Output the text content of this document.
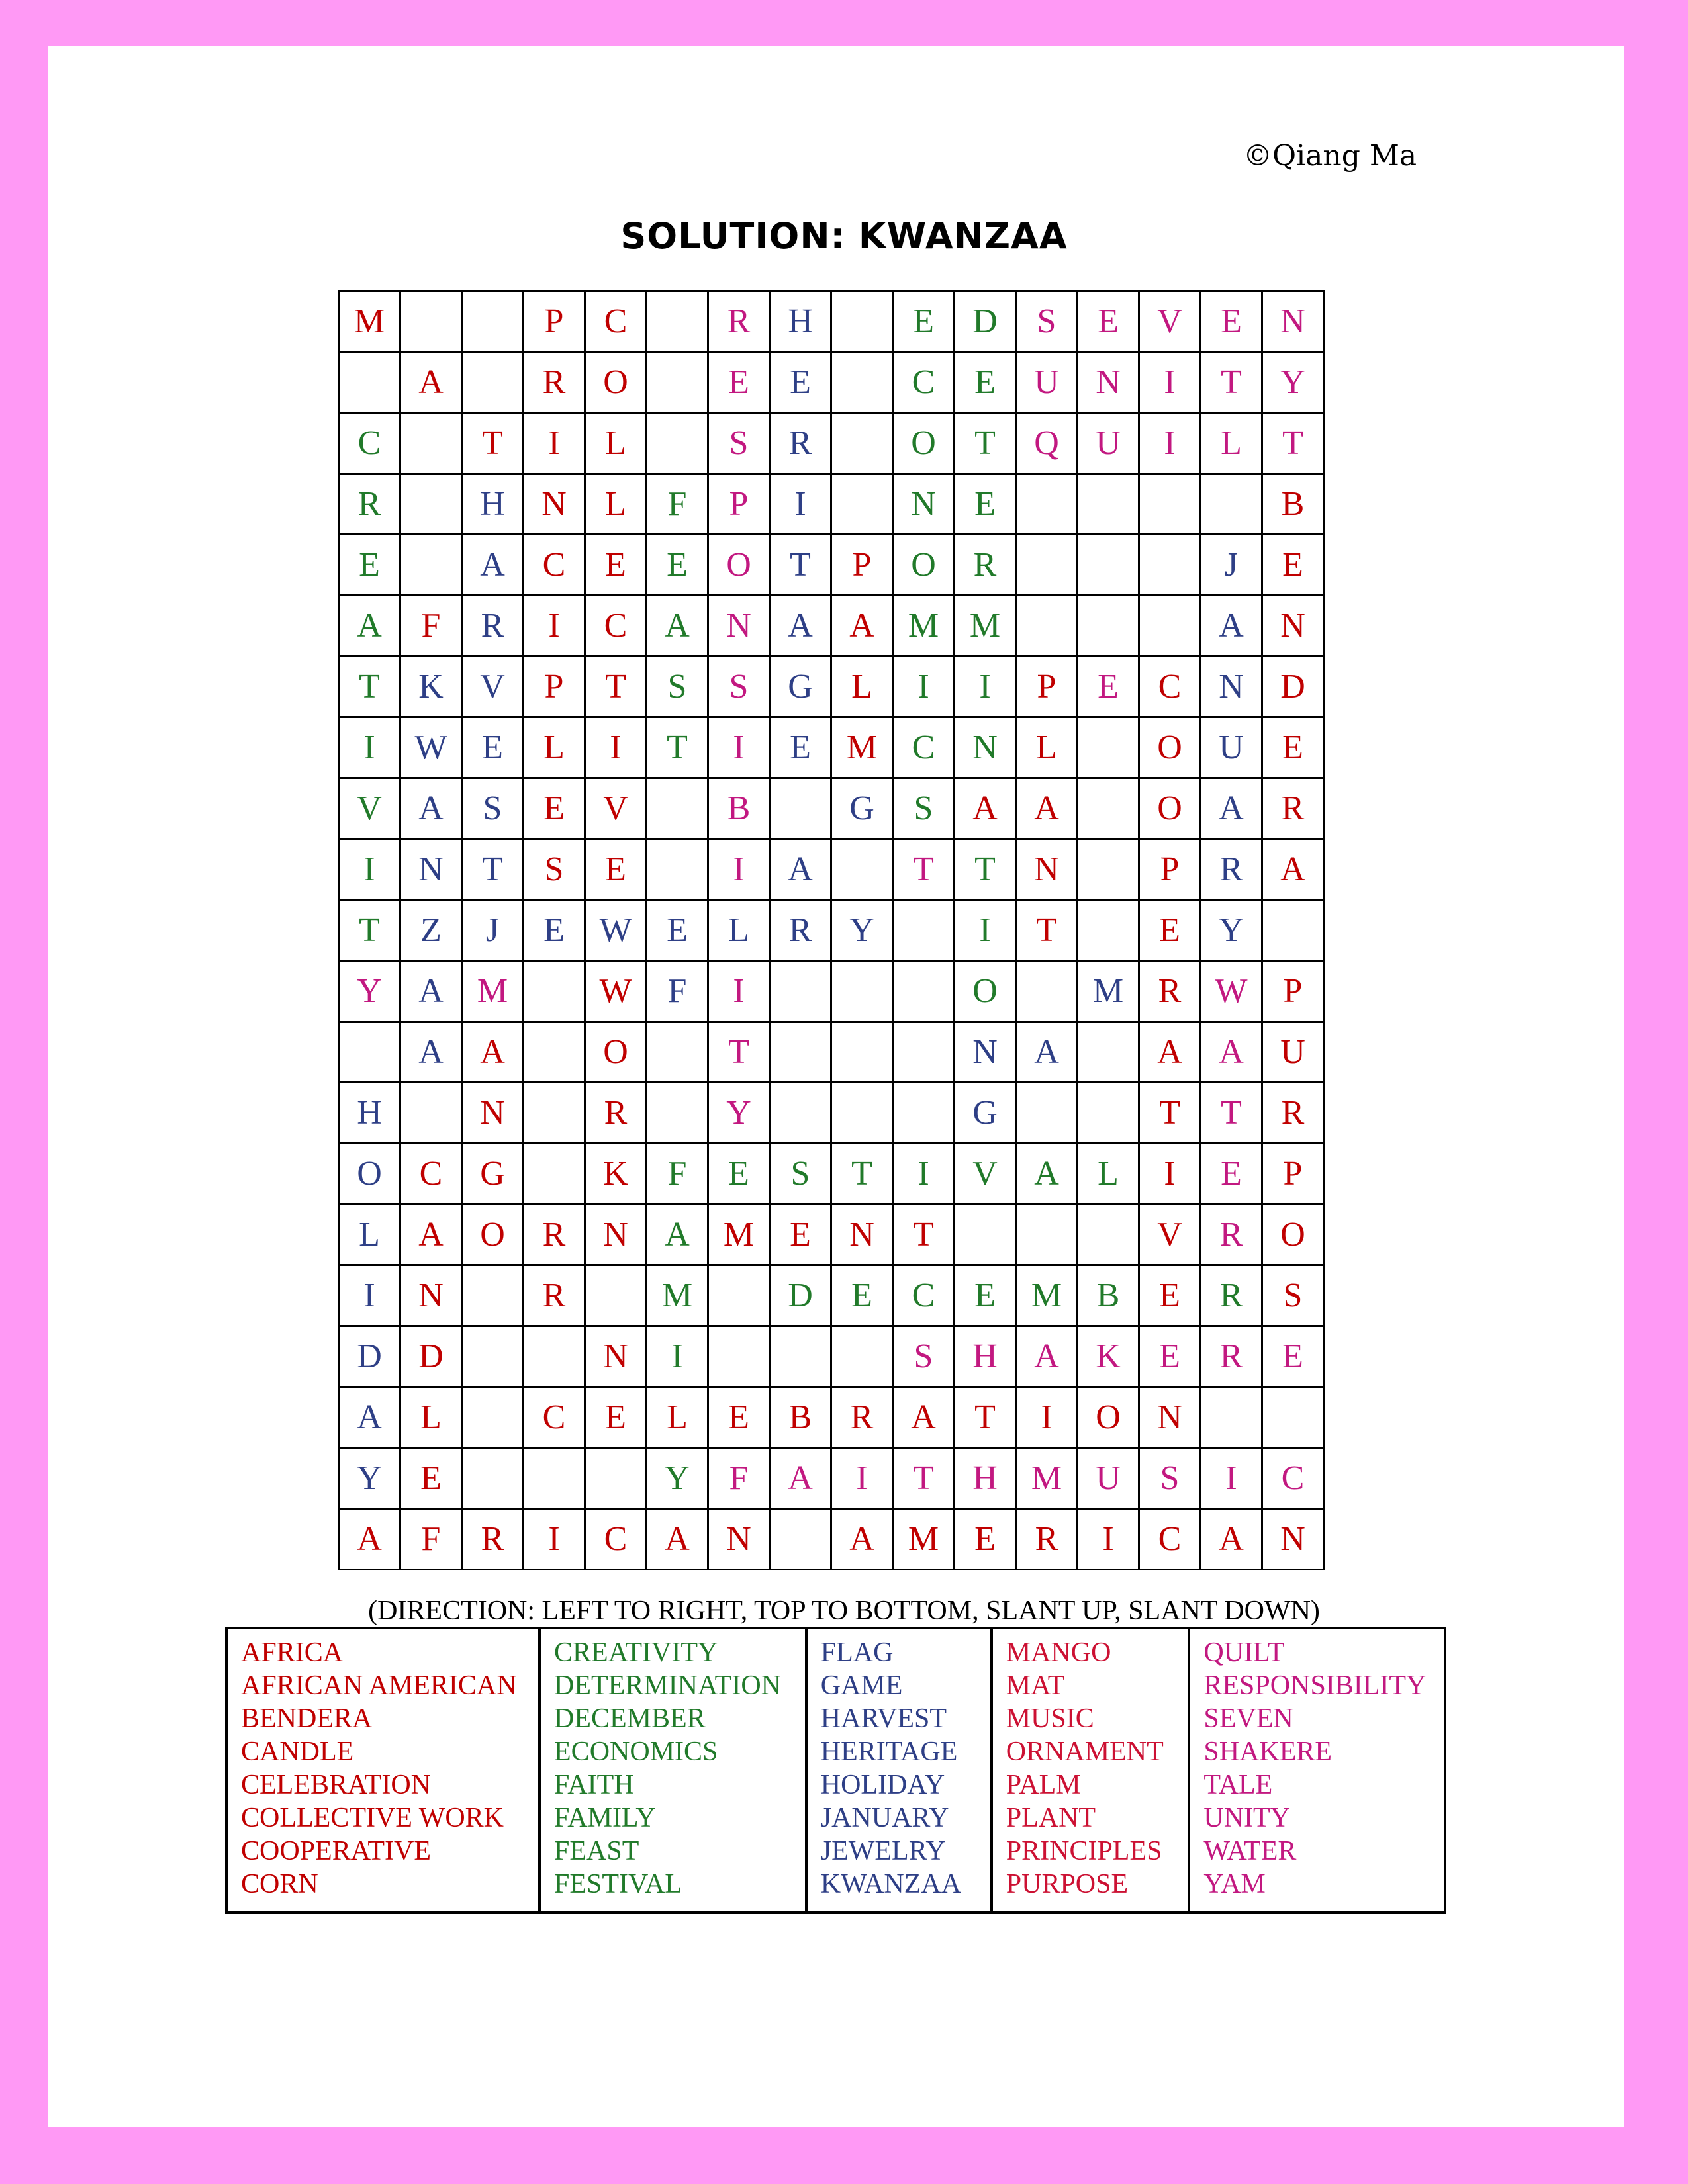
©Qiang Ma
SOLUTION: KWANZAA
M			P	C		R	H		E	D	S	E	V	E	N
	A		R	O		E	E		C	E	U	N	I	T	Y
C		T	I	L		S	R		O	T	Q	U	I	L	T
R		H	N	L	F	P	I		N	E					B
E		A	C	E	E	O	T	P	O	R				J	E
A	F	R	I	C	A	N	A	A	M	M				A	N
T	K	V	P	T	S	S	G	L	I	I	P	E	C	N	D
I	W	E	L	I	T	I	E	M	C	N	L		O	U	E
V	A	S	E	V		B		G	S	A	A		O	A	R
I	N	T	S	E		I	A		T	T	N		P	R	A
T	Z	J	E	W	E	L	R	Y		I	T		E	Y	
Y	A	M		W	F	I				O		M	R	W	P
	A	A		O		T				N	A		A	A	U
H		N		R		Y				G			T	T	R
O	C	G		K	F	E	S	T	I	V	A	L	I	E	P
L	A	O	R	N	A	M	E	N	T				V	R	O
I	N		R		M		D	E	C	E	M	B	E	R	S
D	D			N	I				S	H	A	K	E	R	E
A	L		C	E	L	E	B	R	A	T	I	O	N		
Y	E				Y	F	A	I	T	H	M	U	S	I	C
A	F	R	I	C	A	N		A	M	E	R	I	C	A	N
(DIRECTION: LEFT TO RIGHT, TOP TO BOTTOM, SLANT UP, SLANT DOWN)
AFRICA
AFRICAN AMERICAN
BENDERA
CANDLE
CELEBRATION
COLLECTIVE WORK
COOPERATIVE
CORN

CREATIVITY
DETERMINATION
DECEMBER
ECONOMICS
FAITH
FAMILY
FEAST
FESTIVAL

FLAG
GAME
HARVEST
HERITAGE
HOLIDAY
JANUARY
JEWELRY
KWANZAA

MANGO
MAT
MUSIC
ORNAMENT
PALM
PLANT
PRINCIPLES
PURPOSE

QUILT
RESPONSIBILITY
SEVEN
SHAKERE
TALE
UNITY
WATER
YAM
